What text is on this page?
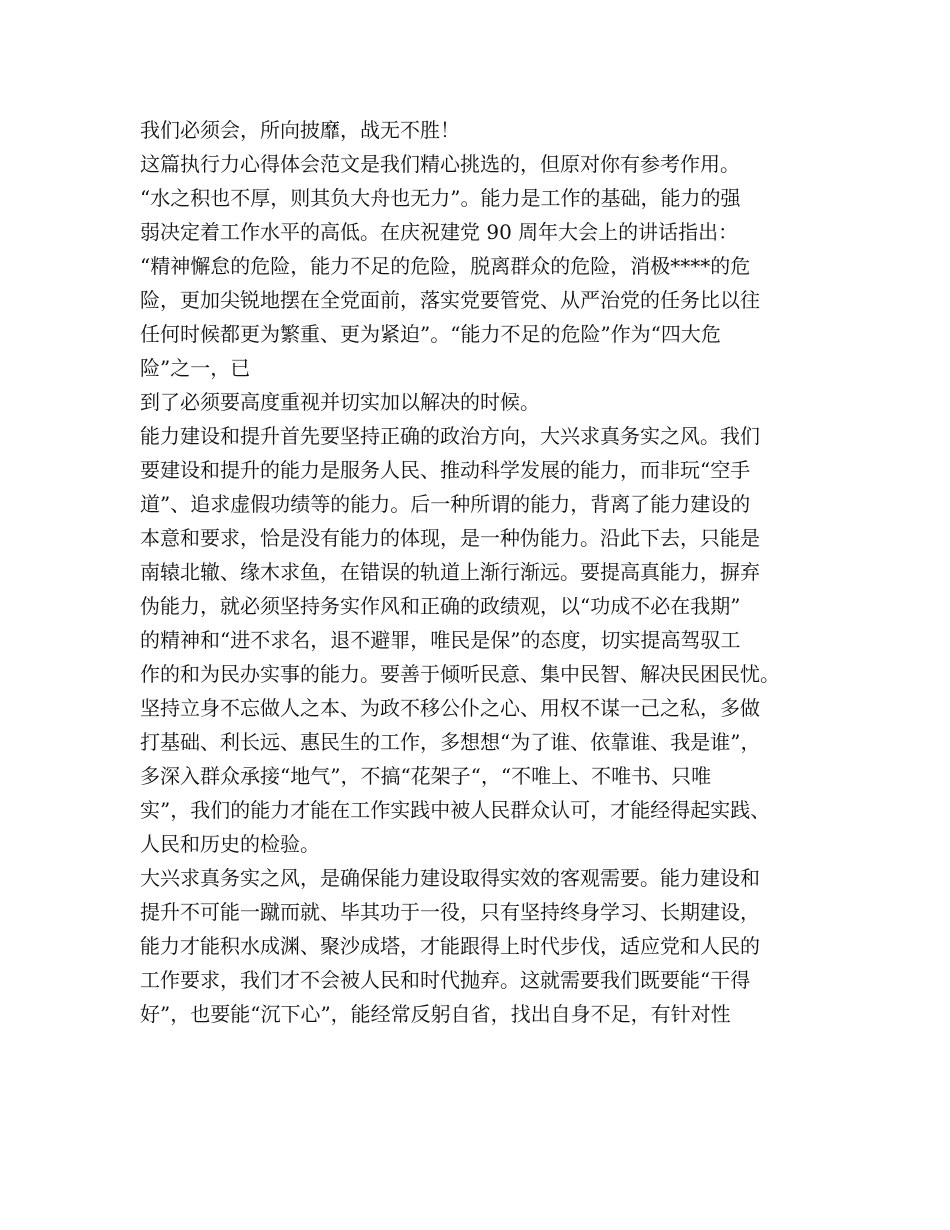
我们必须会，所向披靡，战无不胜！
这篇执行力心得体会范文是我们精心挑选的，但原对你有参考作用。
“水之积也不厚，则其负大舟也无力”。能力是工作的基础，能力的强
弱决定着工作水平的高低。在庆祝建党 90 周年大会上的讲话指出：
“精神懈怠的危险，能力不足的危险，脱离群众的危险，消极****的危
险，更加尖锐地摆在全党面前，落实党要管党、从严治党的任务比以往
任何时候都更为繁重、更为紧迫”。“能力不足的危险”作为“四大危
险”之一，已
到了必须要高度重视并切实加以解决的时候。
能力建设和提升首先要坚持正确的政治方向，大兴求真务实之风。我们
要建设和提升的能力是服务人民、推动科学发展的能力，而非玩“空手
道”、追求虚假功绩等的能力。后一种所谓的能力，背离了能力建设的
本意和要求，恰是没有能力的体现，是一种伪能力。沿此下去，只能是
南辕北辙、缘木求鱼，在错误的轨道上渐行渐远。要提高真能力，摒弃
伪能力，就必须坚持务实作风和正确的政绩观，以“功成不必在我期”
的精神和“进不求名，退不避罪，唯民是保”的态度，切实提高驾驭工
作的和为民办实事的能力。要善于倾听民意、集中民智、解决民困民忧。
坚持立身不忘做人之本、为政不移公仆之心、用权不谋一己之私，多做
打基础、利长远、惠民生的工作，多想想“为了谁、依靠谁、我是谁”，
多深入群众承接“地气”，不搞“花架子“，“不唯上、不唯书、只唯
实”，我们的能力才能在工作实践中被人民群众认可，才能经得起实践、
人民和历史的检验。
大兴求真务实之风，是确保能力建设取得实效的客观需要。能力建设和
提升不可能一蹴而就、毕其功于一役，只有坚持终身学习、长期建设，
能力才能积水成渊、聚沙成塔，才能跟得上时代步伐，适应党和人民的
工作要求，我们才不会被人民和时代抛弃。这就需要我们既要能“干得
好”，也要能“沉下心”，能经常反躬自省，找出自身不足，有针对性
